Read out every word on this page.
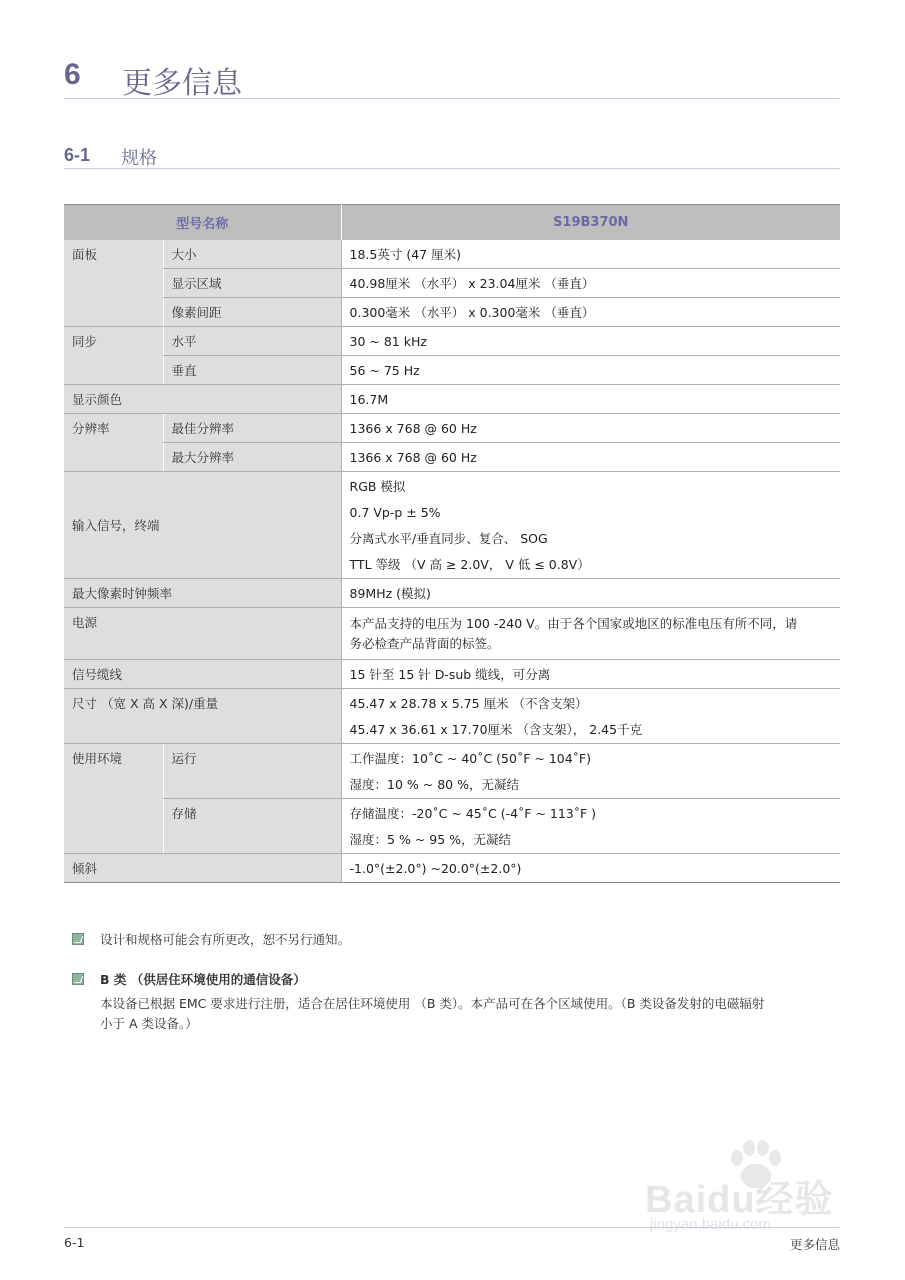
6 更多信息
6-1 规格
型号名称		S19B370N
面板	大小	18.5英寸 (47 厘米)
	显示区域	40.98厘米 （水平） x 23.04厘米 （垂直）
	像素间距	0.300毫米 （水平） x 0.300毫米 （垂直）
同步	水平	30 ~ 81 kHz
	垂直	56 ~ 75 Hz
显示颜色		16.7M
分辨率	最佳分辨率	1366 x 768 @ 60 Hz
	最大分辨率	1366 x 768 @ 60 Hz
输入信号，终端		RGB 模拟
0.7 Vp-p ± 5%
分离式水平/垂直同步、复合、 SOG
TTL 等级 （V 高 ≥ 2.0V， V 低 ≤ 0.8V）

最大像素时钟频率		89MHz (模拟)
电源		本产品支持的电压为 100 -240 V。由于各个国家或地区的标准电压有所不同，请
务必检查产品背面的标签。

信号缆线		15 针至 15 针 D-sub 缆线，可分离
尺寸 （宽 X 高 X 深)/重量		45.47 x 28.78 x 5.75 厘米 （不含支架）
45.47 x 36.61 x 17.70厘米 （含支架）， 2.45千克

使用环境	运行	工作温度：10˚C ~ 40˚C (50˚F ~ 104˚F)
湿度：10 % ~ 80 %，无凝结

	存储	存储温度：-20˚C ~ 45˚C (-4˚F ~ 113˚F )
湿度：5 % ~ 95 %，无凝结

倾斜		-1.0°(±2.0°) ~20.0°(±2.0°)
设计和规格可能会有所更改，恕不另行通知。
B 类 （供居住环境使用的通信设备）
本设备已根据 EMC 要求进行注册，适合在居住环境使用 （B 类）。本产品可在各个区域使用。（B 类设备发射的电磁辐射
小于 A 类设备。）
Baidu经验
jingyan.baidu.com
6-1	更多信息
